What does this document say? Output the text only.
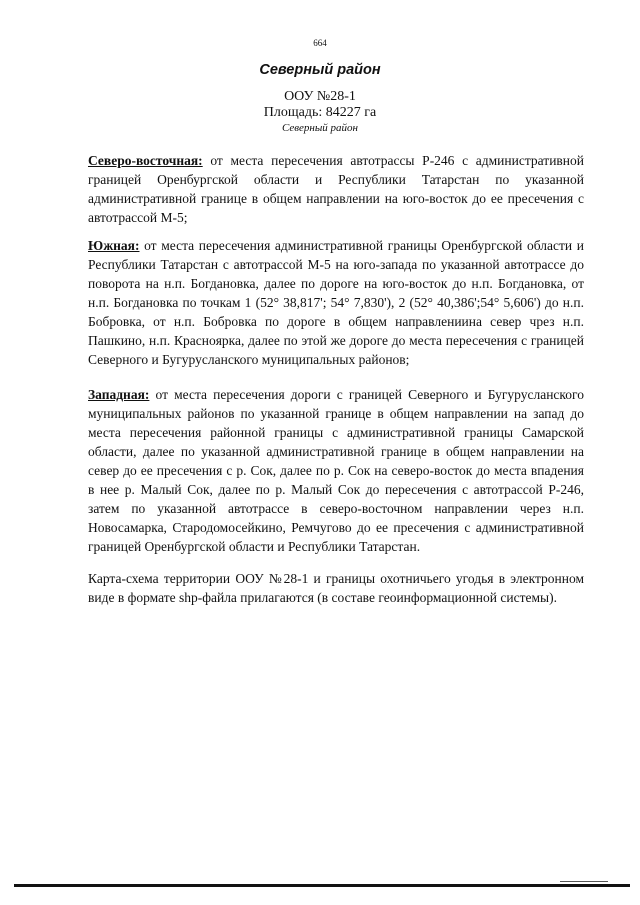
664
Северный район
ООУ №28-1
Площадь: 84227 га
Северный район
Северо-восточная: от места пересечения автотрассы Р-246 с административной границей Оренбургской области и Республики Татарстан по указанной административной границе в общем направлении на юго-восток до ее пресечения с автотрассой М-5;
Южная: от места пересечения административной границы Оренбургской области и Республики Татарстан с автотрассой М-5 на юго-запада по указанной автотрассе до поворота на н.п. Богдановка, далее по дороге на юго-восток до н.п. Богдановка, от н.п. Богдановка по точкам 1 (52° 38,817'; 54° 7,830'), 2 (52° 40,386';54° 5,606') до н.п. Бобровка, от н.п. Бобровка по дороге в общем направлениина север чрез н.п. Пашкино, н.п. Краснoярка, далее по этой же дороге до места пересечения с границей Северного и Бугурусланского муниципальных районов;
Западная: от места пересечения дороги с границей Северного и Бугурусланского муниципальных районов по указанной границе в общем направлении на запад до места пересечения районной границы с административной границы Самарской области, далее по указанной административной границе в общем направлении на север до ее пресечения с р. Сок, далее по р. Сок на северо-восток до места впадения в нее р. Малый Сок, далее по р. Малый Сок до пересечения с автотрассой Р-246, затем по указанной автотрассе в северо-восточном направлении через н.п. Новосамарка, Стародомосейкино, Ремчугово до ее пресечения с административной границей Оренбургской области и Республики Татарстан.
Карта-схема территории ООУ №28-1 и границы охотничьего угодья в электронном виде в формате shp-файла прилагаются (в составе геоинформационной системы).
